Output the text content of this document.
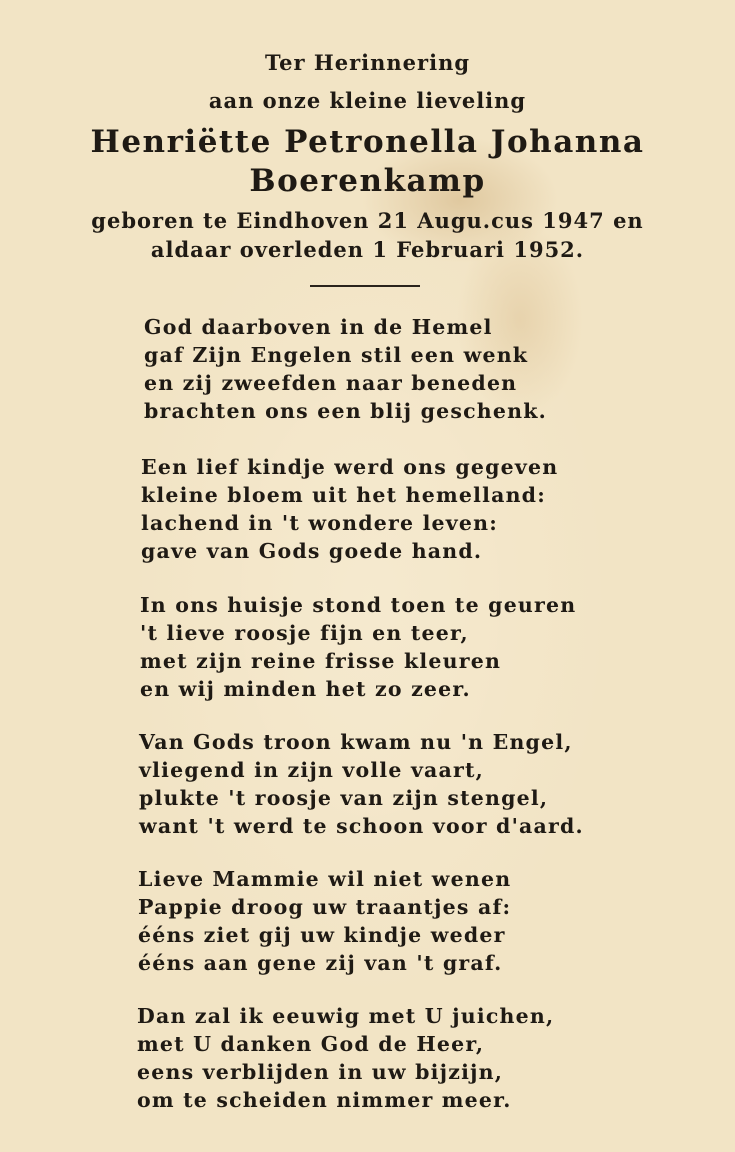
Ter Herinnering
aan onze kleine lieveling
Henriëtte Petronella Johanna
Boerenkamp
geboren te Eindhoven 21 Augu.cus 1947 en
aldaar overleden 1 Februari 1952.
God daarboven in de Hemel
gaf Zijn Engelen stil een wenk
en zij zweefden naar beneden
brachten ons een blij geschenk.
Een lief kindje werd ons gegeven
kleine bloem uit het hemelland:
lachend in 't wondere leven:
gave van Gods goede hand.
In ons huisje stond toen te geuren
't lieve roosje fijn en teer,
met zijn reine frisse kleuren
en wij minden het zo zeer.
Van Gods troon kwam nu 'n Engel,
vliegend in zijn volle vaart,
plukte 't roosje van zijn stengel,
want 't werd te schoon voor d'aard.
Lieve Mammie wil niet wenen
Pappie droog uw traantjes af:
ééns ziet gij uw kindje weder
ééns aan gene zij van 't graf.
Dan zal ik eeuwig met U juichen,
met U danken God de Heer,
eens verblijden in uw bijzijn,
om te scheiden nimmer meer.
